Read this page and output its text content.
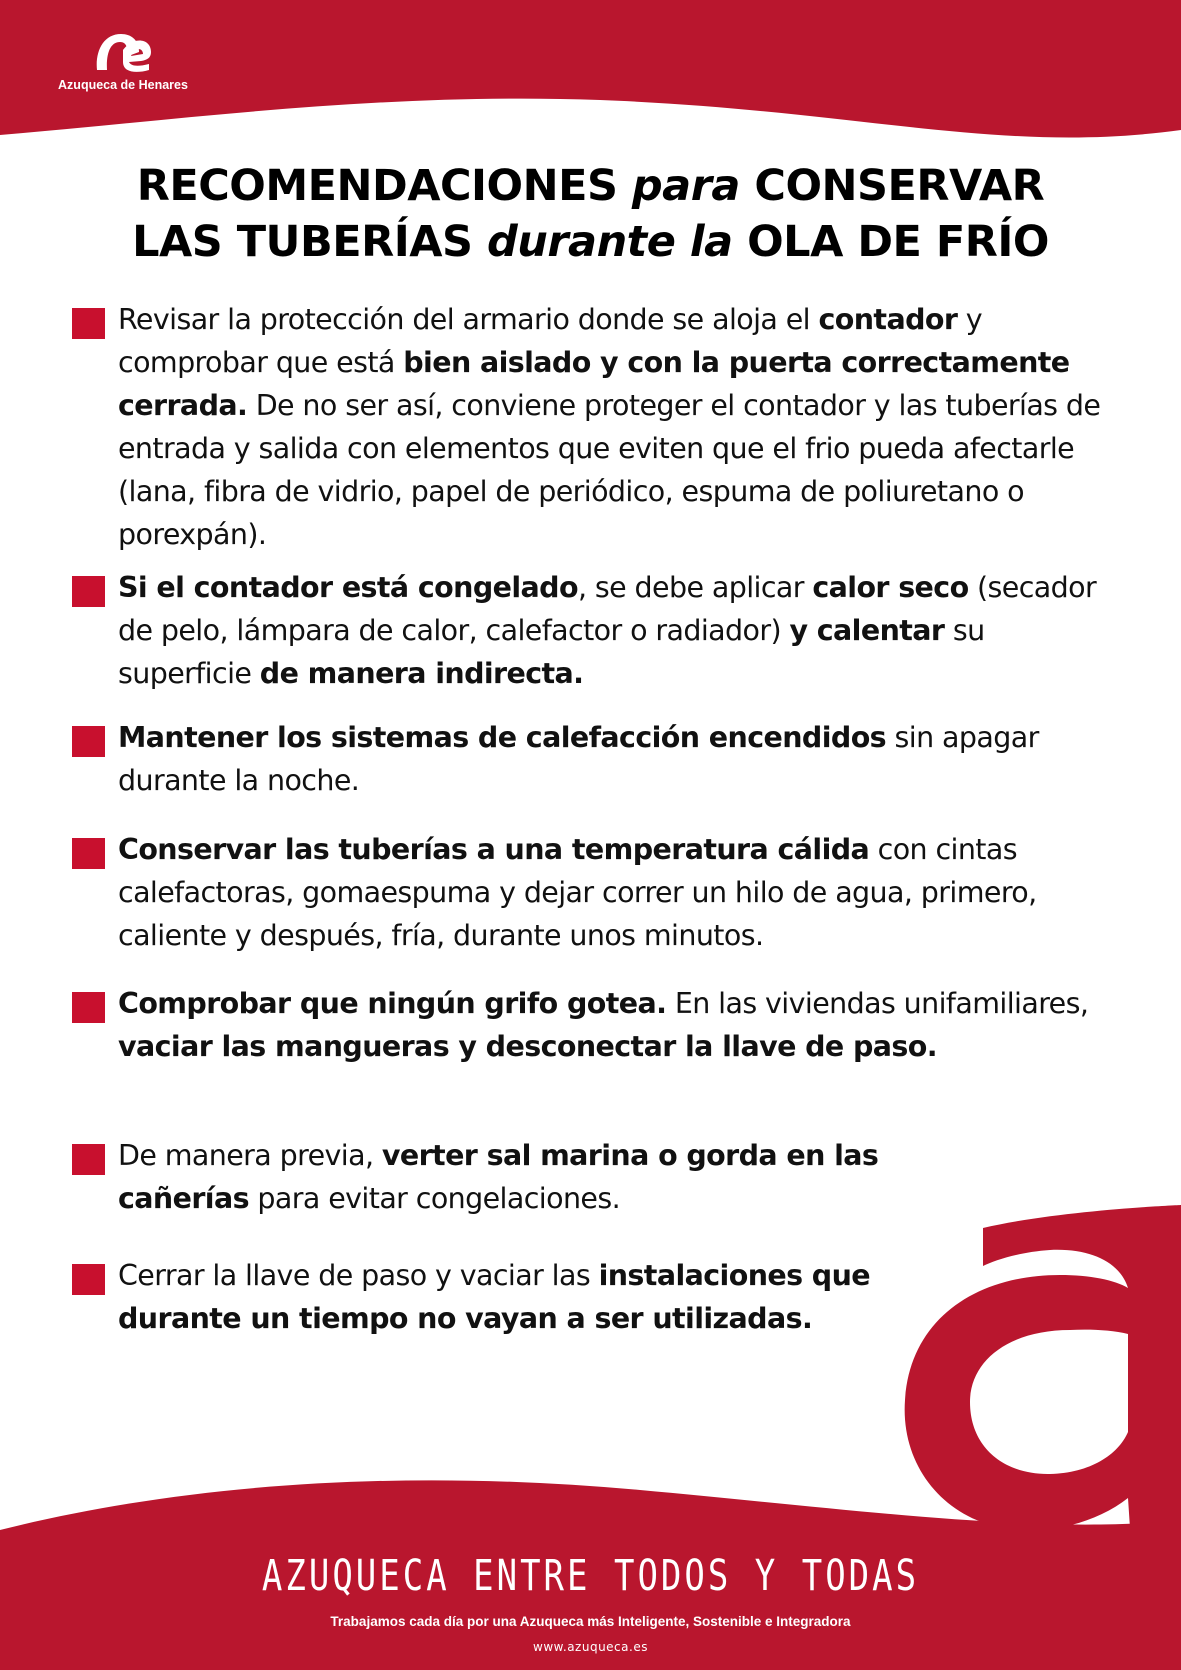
Azuqueca de Henares
RECOMENDACIONES para CONSERVAR
LAS TUBERÍAS durante la OLA DE FRÍO

Revisar la protección del armario donde se aloja el contador y comprobar que está bien aislado y con la puerta correctamente cerrada. De no ser así, conviene proteger el contador y las tuberías de entrada y salida con elementos que eviten que el frio pueda afectarle (lana, fibra de vidrio, papel de periódico, espuma de poliuretano o porexpán).

Si el contador está congelado, se debe aplicar calor seco (secador de pelo, lámpara de calor, calefactor o radiador) y calentar su superficie de manera indirecta.

Mantener los sistemas de calefacción encendidos sin apagar durante la noche.

Conservar las tuberías a una temperatura cálida con cintas calefactoras, gomaespuma y dejar correr un hilo de agua, primero, caliente y después, fría, durante unos minutos.

Comprobar que ningún grifo gotea. En las viviendas unifamiliares, vaciar las mangueras y desconectar la llave de paso.

De manera previa, verter sal marina o gorda en las cañerías para evitar congelaciones.

Cerrar la llave de paso y vaciar las instalaciones que durante un tiempo no vayan a ser utilizadas.

AZUQUECA ENTRE TODOS Y TODAS
Trabajamos cada día por una Azuqueca más Inteligente, Sostenible e Integradora
www.azuqueca.es
